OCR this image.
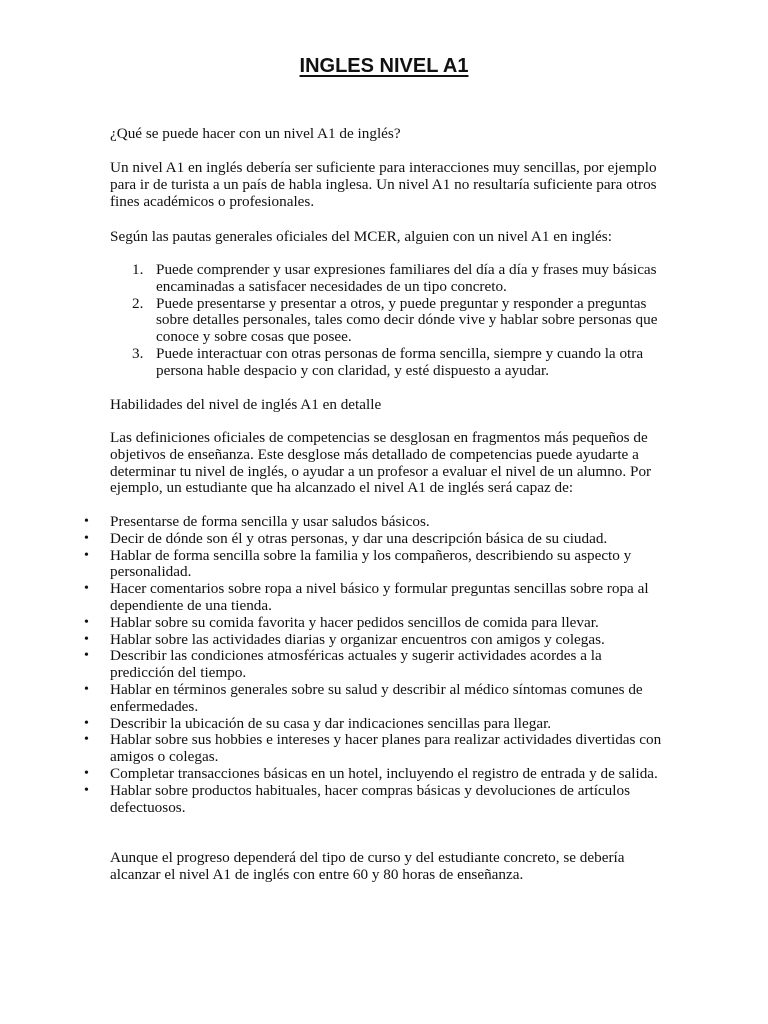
INGLES NIVEL A1

¿Qué se puede hacer con un nivel A1 de inglés?

Un nivel A1 en inglés debería ser suficiente para interacciones muy sencillas, por ejemplo para ir de turista a un país de habla inglesa. Un nivel A1 no resultaría suficiente para otros fines académicos o profesionales.

Según las pautas generales oficiales del MCER, alguien con un nivel A1 en inglés:

1. Puede comprender y usar expresiones familiares del día a día y frases muy básicas encaminadas a satisfacer necesidades de un tipo concreto.
2. Puede presentarse y presentar a otros, y puede preguntar y responder a preguntas sobre detalles personales, tales como decir dónde vive y hablar sobre personas que conoce y sobre cosas que posee.
3. Puede interactuar con otras personas de forma sencilla, siempre y cuando la otra persona hable despacio y con claridad, y esté dispuesto a ayudar.

Habilidades del nivel de inglés A1 en detalle

Las definiciones oficiales de competencias se desglosan en fragmentos más pequeños de objetivos de enseñanza. Este desglose más detallado de competencias puede ayudarte a determinar tu nivel de inglés, o ayudar a un profesor a evaluar el nivel de un alumno. Por ejemplo, un estudiante que ha alcanzado el nivel A1 de inglés será capaz de:

• Presentarse de forma sencilla y usar saludos básicos.
• Decir de dónde son él y otras personas, y dar una descripción básica de su ciudad.
• Hablar de forma sencilla sobre la familia y los compañeros, describiendo su aspecto y personalidad.
• Hacer comentarios sobre ropa a nivel básico y formular preguntas sencillas sobre ropa al dependiente de una tienda.
• Hablar sobre su comida favorita y hacer pedidos sencillos de comida para llevar.
• Hablar sobre las actividades diarias y organizar encuentros con amigos y colegas.
• Describir las condiciones atmosféricas actuales y sugerir actividades acordes a la predicción del tiempo.
• Hablar en términos generales sobre su salud y describir al médico síntomas comunes de enfermedades.
• Describir la ubicación de su casa y dar indicaciones sencillas para llegar.
• Hablar sobre sus hobbies e intereses y hacer planes para realizar actividades divertidas con amigos o colegas.
• Completar transacciones básicas en un hotel, incluyendo el registro de entrada y de salida.
• Hablar sobre productos habituales, hacer compras básicas y devoluciones de artículos defectuosos.

Aunque el progreso dependerá del tipo de curso y del estudiante concreto, se debería alcanzar el nivel A1 de inglés con entre 60 y 80 horas de enseñanza.
